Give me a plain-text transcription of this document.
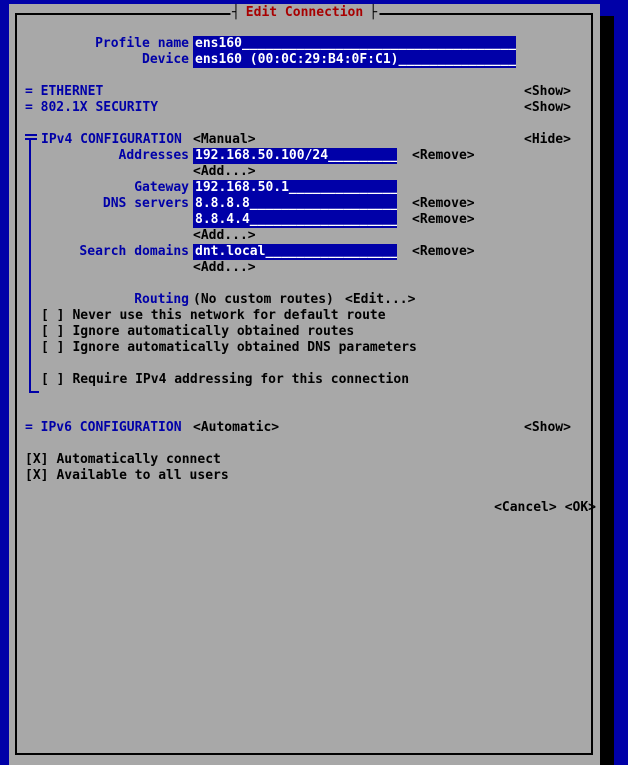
┤ Edit Connection ├
Profile name ens160 _____
Device ens160 (00:0C:29:B4:0F:C1) _____
= ETHERNET	<Show>
= 802.1X SECURITY	<Show>
IPv4 CONFIGURATION <Manual>	<Hide>
Addresses 192.168.50.100/24 _____	<Remove>
<Add...>
Gateway 192.168.50.1 _____
DNS servers 8.8.8.8 _____	<Remove>
8.8.4.4 _____	<Remove>
<Add...>
Search domains dnt.local _____	<Remove>
<Add...>
Routing (No custom routes) <Edit...>
[ ] Never use this network for default route
[ ] Ignore automatically obtained routes
[ ] Ignore automatically obtained DNS parameters
[ ] Require IPv4 addressing for this connection
= IPv6 CONFIGURATION <Automatic>	<Show>
[X] Automatically connect
[X] Available to all users
<Cancel> <OK>
